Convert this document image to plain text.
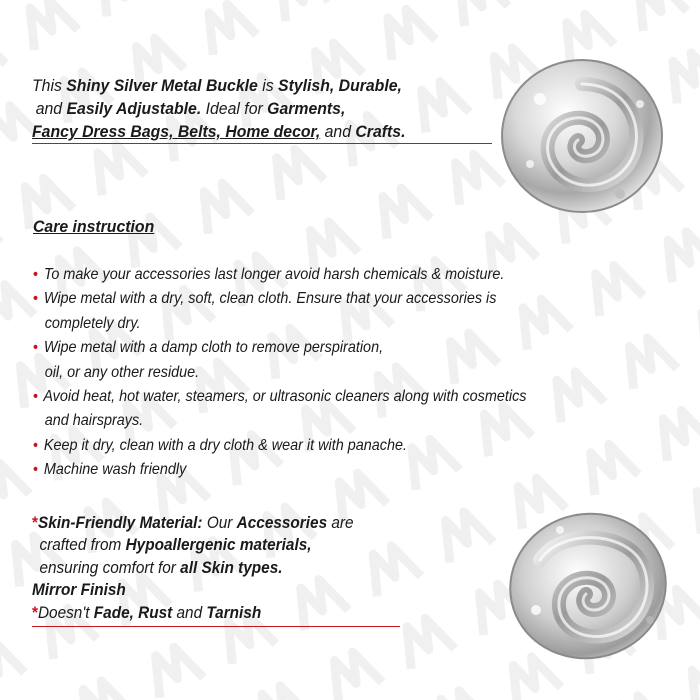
This Shiny Silver Metal Buckle is Stylish, Durable,
and Easily Adjustable. Ideal for Garments,
Fancy Dress Bags, Belts, Home decor, and Crafts.
Care instruction
• To make your accessories last longer avoid harsh chemicals & moisture.
• Wipe metal with a dry, soft, clean cloth. Ensure that your accessories is
completely dry.
• Wipe metal with a damp cloth to remove perspiration,
oil, or any other residue.
• Avoid heat, hot water, steamers, or ultrasonic cleaners along with cosmetics
and hairsprays.
• Keep it dry, clean with a dry cloth & wear it with panache.
• Machine wash friendly
*Skin-Friendly Material: Our Accessories are
crafted from Hypoallergenic materials,
ensuring comfort for all Skin types.
Mirror Finish
*Doesn't Fade, Rust and Tarnish
